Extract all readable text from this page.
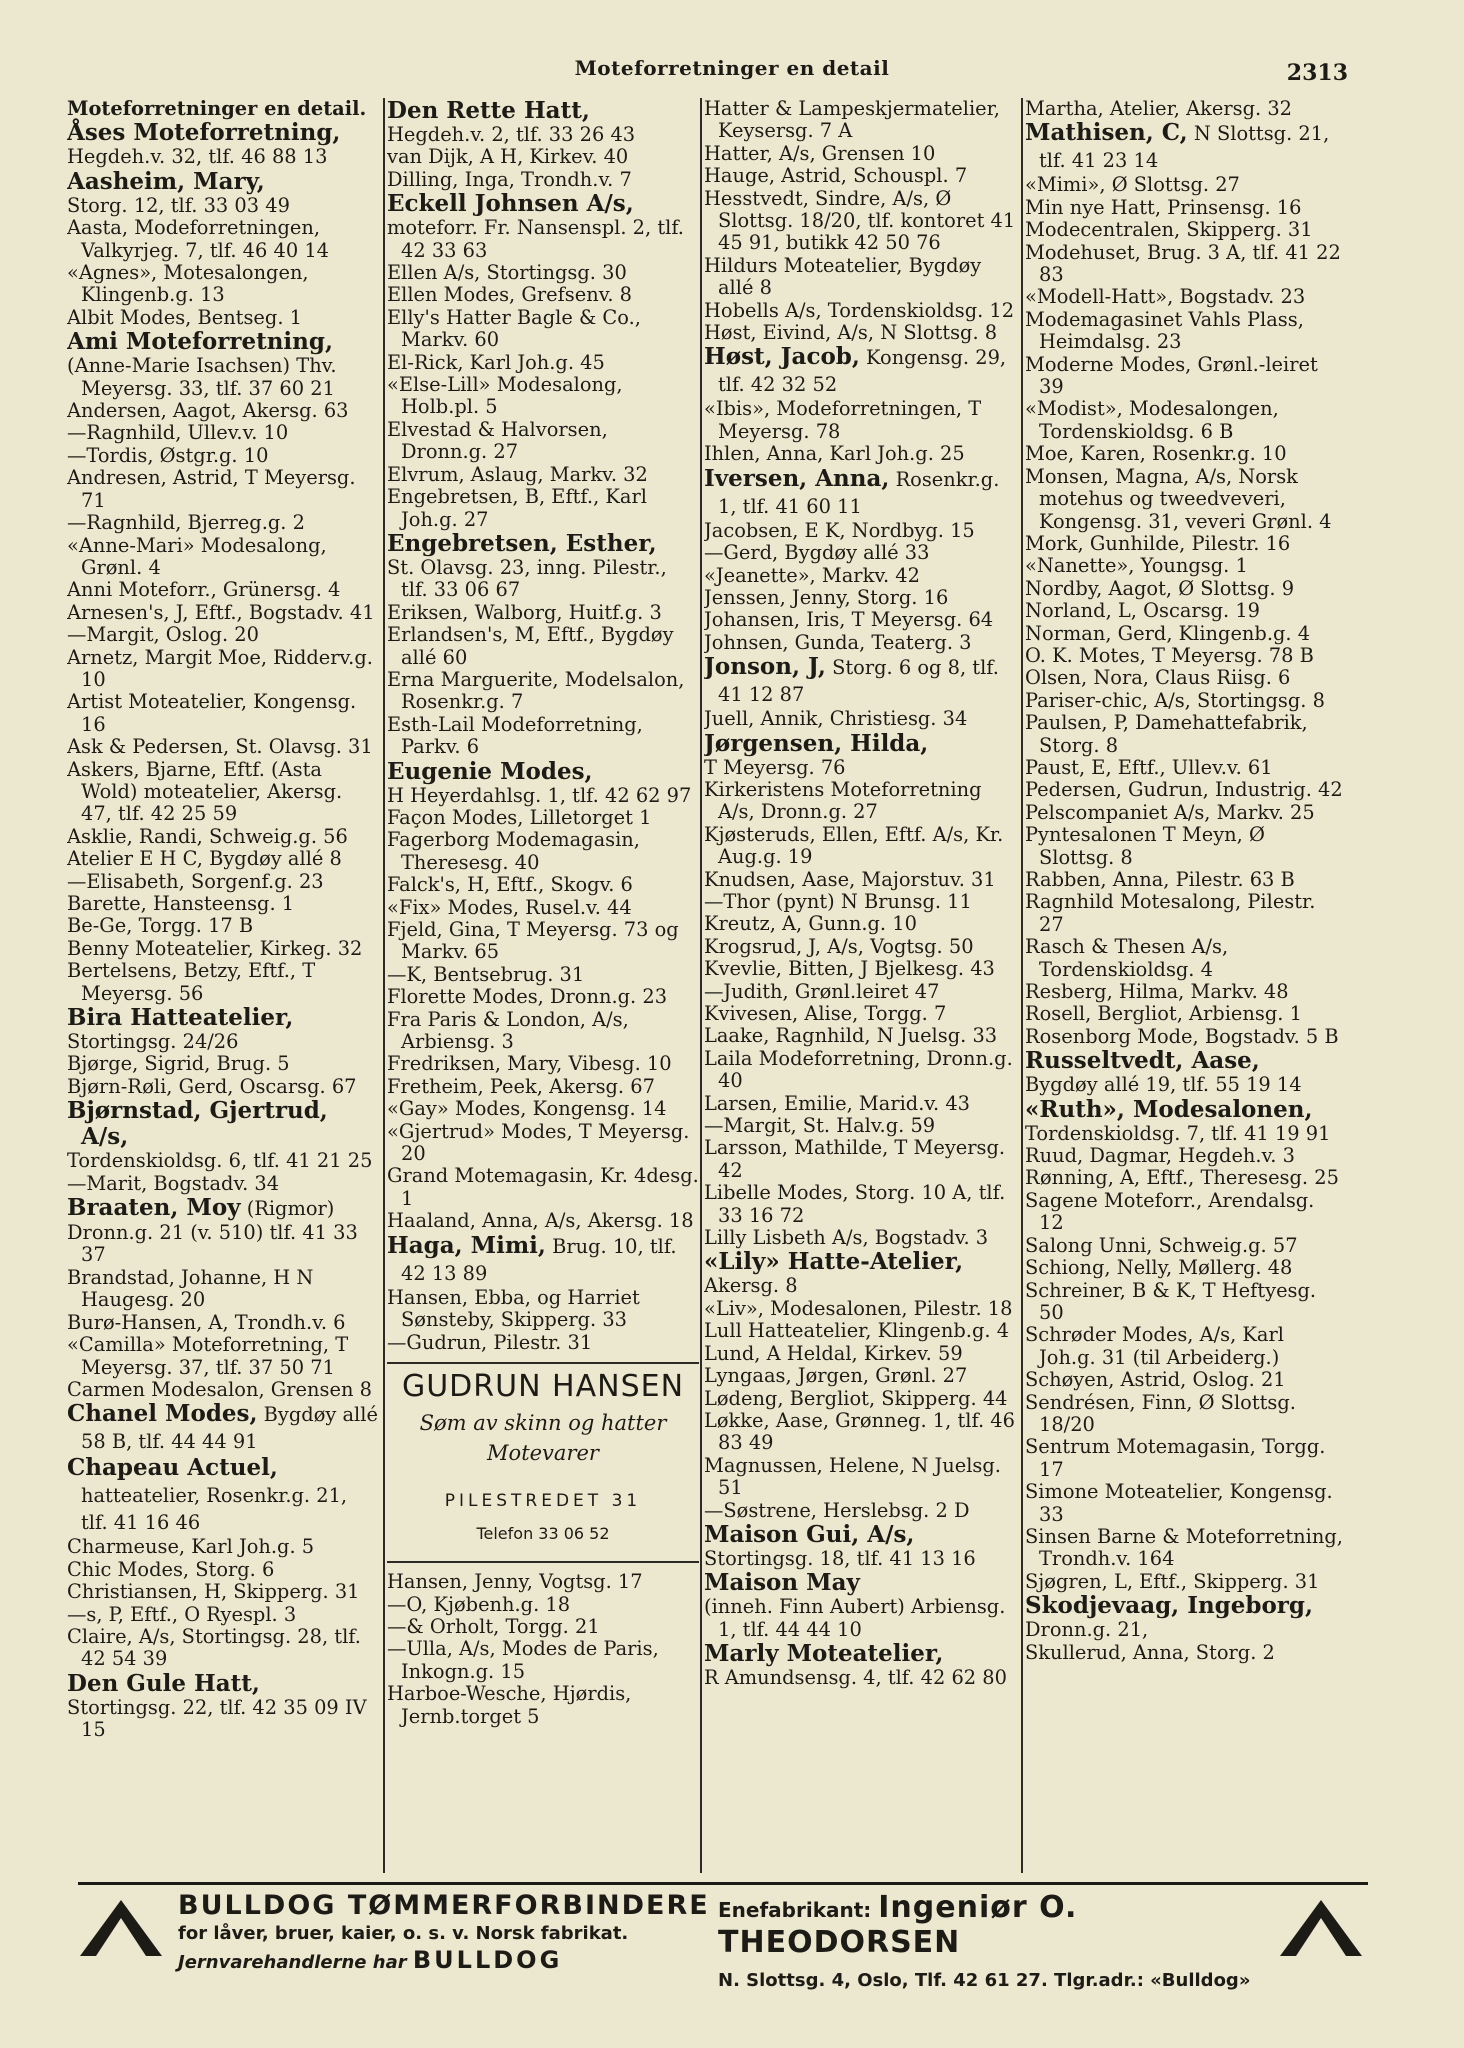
Moteforretninger en detail	2313
Moteforretninger en detail.
Åses Moteforretning,
Hegdeh.v. 32, tlf. 46 88 13
Aasheim, Mary,
Storg. 12, tlf. 33 03 49
Aasta, Modeforretningen, Valkyrjeg. 7, tlf. 46 40 14
«Agnes», Motesalongen, Klingenb.g. 13
Albit Modes, Bentseg. 1
Ami Moteforretning,
(Anne-Marie Isachsen) Thv. Meyersg. 33, tlf. 37 60 21
Andersen, Aagot, Akersg. 63
—Ragnhild, Ullev.v. 10
—Tordis, Østgr.g. 10
Andresen, Astrid, T Meyersg. 71
—Ragnhild, Bjerreg.g. 2
«Anne-Mari» Modesalong, Grønl. 4
Anni Moteforr., Grünersg. 4
Arnesen's, J, Eftf., Bogstadv. 41
—Margit, Oslog. 20
Arnetz, Margit Moe, Ridderv.g. 10
Artist Moteatelier, Kongensg. 16
Ask & Pedersen, St. Olavsg. 31
Askers, Bjarne, Eftf. (Asta Wold) moteatelier, Akersg. 47, tlf. 42 25 59
Asklie, Randi, Schweig.g. 56
Atelier E H C, Bygdøy allé 8
—Elisabeth, Sorgenf.g. 23
Barette, Hansteensg. 1
Be-Ge, Torgg. 17 B
Benny Moteatelier, Kirkeg. 32
Bertelsens, Betzy, Eftf., T Meyersg. 56
Bira Hatteatelier,
Stortingsg. 24/26
Bjørge, Sigrid, Brug. 5
Bjørn-Røli, Gerd, Oscarsg. 67
Bjørnstad, Gjertrud, A/s,
Tordenskioldsg. 6, tlf. 41 21 25
—Marit, Bogstadv. 34
Braaten, Moy (Rigmor)
Dronn.g. 21 (v. 510) tlf. 41 33 37
Brandstad, Johanne, H N Haugesg. 20
Burø-Hansen, A, Trondh.v. 6
«Camilla» Moteforretning, T Meyersg. 37, tlf. 37 50 71
Carmen Modesalon, Grensen 8
Chanel Modes, Bygdøy allé 58 B, tlf. 44 44 91
Chapeau Actuel, hatteatelier, Rosenkr.g. 21, tlf. 41 16 46
Charmeuse, Karl Joh.g. 5
Chic Modes, Storg. 6
Christiansen, H, Skipperg. 31
—s, P, Eftf., O Ryespl. 3
Claire, A/s, Stortingsg. 28, tlf. 42 54 39
Den Gule Hatt,
Stortingsg. 22, tlf. 42 35 09 IV 15
Den Rette Hatt,
Hegdeh.v. 2, tlf. 33 26 43
van Dijk, A H, Kirkev. 40
Dilling, Inga, Trondh.v. 7
Eckell Johnsen A/s,
moteforr. Fr. Nansenspl. 2, tlf. 42 33 63
Ellen A/s, Stortingsg. 30
Ellen Modes, Grefsenv. 8
Elly's Hatter Bagle & Co., Markv. 60
El-Rick, Karl Joh.g. 45
«Else-Lill» Modesalong, Holb.pl. 5
Elvestad & Halvorsen, Dronn.g. 27
Elvrum, Aslaug, Markv. 32
Engebretsen, B, Eftf., Karl Joh.g. 27
Engebretsen, Esther,
St. Olavsg. 23, inng. Pilestr., tlf. 33 06 67
Eriksen, Walborg, Huitf.g. 3
Erlandsen's, M, Eftf., Bygdøy allé 60
Erna Marguerite, Modelsalon, Rosenkr.g. 7
Esth-Lail Modeforretning, Parkv. 6
Eugenie Modes,
H Heyerdahlsg. 1, tlf. 42 62 97
Façon Modes, Lilletorget 1
Fagerborg Modemagasin, Theresesg. 40
Falck's, H, Eftf., Skogv. 6
«Fix» Modes, Rusel.v. 44
Fjeld, Gina, T Meyersg. 73 og Markv. 65
—K, Bentsebrug. 31
Florette Modes, Dronn.g. 23
Fra Paris & London, A/s, Arbiensg. 3
Fredriksen, Mary, Vibesg. 10
Fretheim, Peek, Akersg. 67
«Gay» Modes, Kongensg. 14
«Gjertrud» Modes, T Meyersg. 20
Grand Motemagasin, Kr. 4desg. 1
Haaland, Anna, A/s, Akersg. 18
Haga, Mimi, Brug. 10, tlf. 42 13 89
Hansen, Ebba, og Harriet Sønsteby, Skipperg. 33
—Gudrun, Pilestr. 31
GUDRUN HANSEN
Søm av skinn og hatter
Motevarer
PILESTREDET 31
Telefon 33 06 52
Hansen, Jenny, Vogtsg. 17
—O, Kjøbenh.g. 18
—& Orholt, Torgg. 21
—Ulla, A/s, Modes de Paris, Inkogn.g. 15
Harboe-Wesche, Hjørdis, Jernb.torget 5
Hatter & Lampeskjermatelier, Keysersg. 7 A
Hatter, A/s, Grensen 10
Hauge, Astrid, Schouspl. 7
Hesstvedt, Sindre, A/s, Ø Slottsg. 18/20, tlf. kontoret 41 45 91, butikk 42 50 76
Hildurs Moteatelier, Bygdøy allé 8
Hobells A/s, Tordenskioldsg. 12
Høst, Eivind, A/s, N Slottsg. 8
Høst, Jacob, Kongensg. 29, tlf. 42 32 52
«Ibis», Modeforretningen, T Meyersg. 78
Ihlen, Anna, Karl Joh.g. 25
Iversen, Anna, Rosenkr.g. 1, tlf. 41 60 11
Jacobsen, E K, Nordbyg. 15
—Gerd, Bygdøy allé 33
«Jeanette», Markv. 42
Jenssen, Jenny, Storg. 16
Johansen, Iris, T Meyersg. 64
Johnsen, Gunda, Teaterg. 3
Jonson, J, Storg. 6 og 8, tlf. 41 12 87
Juell, Annik, Christiesg. 34
Jørgensen, Hilda,
T Meyersg. 76
Kirkeristens Moteforretning A/s, Dronn.g. 27
Kjøsteruds, Ellen, Eftf. A/s, Kr. Aug.g. 19
Knudsen, Aase, Majorstuv. 31
—Thor (pynt) N Brunsg. 11
Kreutz, A, Gunn.g. 10
Krogsrud, J, A/s, Vogtsg. 50
Kvevlie, Bitten, J Bjelkesg. 43
—Judith, Grønl.leiret 47
Kvivesen, Alise, Torgg. 7
Laake, Ragnhild, N Juelsg. 33
Laila Modeforretning, Dronn.g. 40
Larsen, Emilie, Marid.v. 43
—Margit, St. Halv.g. 59
Larsson, Mathilde, T Meyersg. 42
Libelle Modes, Storg. 10 A, tlf. 33 16 72
Lilly Lisbeth A/s, Bogstadv. 3
«Lily» Hatte-Atelier,
Akersg. 8
«Liv», Modesalonen, Pilestr. 18
Lull Hatteatelier, Klingenb.g. 4
Lund, A Heldal, Kirkev. 59
Lyngaas, Jørgen, Grønl. 27
Lødeng, Bergliot, Skipperg. 44
Løkke, Aase, Grønneg. 1, tlf. 46 83 49
Magnussen, Helene, N Juelsg. 51
—Søstrene, Herslebsg. 2 D
Maison Gui, A/s,
Stortingsg. 18, tlf. 41 13 16
Maison May
(inneh. Finn Aubert) Arbiensg. 1, tlf. 44 44 10
Marly Moteatelier,
R Amundsensg. 4, tlf. 42 62 80
Martha, Atelier, Akersg. 32
Mathisen, C, N Slottsg. 21, tlf. 41 23 14
«Mimi», Ø Slottsg. 27
Min nye Hatt, Prinsensg. 16
Modecentralen, Skipperg. 31
Modehuset, Brug. 3 A, tlf. 41 22 83
«Modell-Hatt», Bogstadv. 23
Modemagasinet Vahls Plass, Heimdalsg. 23
Moderne Modes, Grønl.-leiret 39
«Modist», Modesalongen, Tordenskioldsg. 6 B
Moe, Karen, Rosenkr.g. 10
Monsen, Magna, A/s, Norsk motehus og tweedveveri, Kongensg. 31, veveri Grønl. 4
Mork, Gunhilde, Pilestr. 16
«Nanette», Youngsg. 1
Nordby, Aagot, Ø Slottsg. 9
Norland, L, Oscarsg. 19
Norman, Gerd, Klingenb.g. 4
O. K. Motes, T Meyersg. 78 B
Olsen, Nora, Claus Riisg. 6
Pariser-chic, A/s, Stortingsg. 8
Paulsen, P, Damehattefabrik, Storg. 8
Paust, E, Eftf., Ullev.v. 61
Pedersen, Gudrun, Industrig. 42
Pelscompaniet A/s, Markv. 25
Pyntesalonen T Meyn, Ø Slottsg. 8
Rabben, Anna, Pilestr. 63 B
Ragnhild Motesalong, Pilestr. 27
Rasch & Thesen A/s, Tordenskioldsg. 4
Resberg, Hilma, Markv. 48
Rosell, Bergliot, Arbiensg. 1
Rosenborg Mode, Bogstadv. 5 B
Russeltvedt, Aase,
Bygdøy allé 19, tlf. 55 19 14
«Ruth», Modesalonen,
Tordenskioldsg. 7, tlf. 41 19 91
Ruud, Dagmar, Hegdeh.v. 3
Rønning, A, Eftf., Theresesg. 25
Sagene Moteforr., Arendalsg. 12
Salong Unni, Schweig.g. 57
Schiong, Nelly, Møllerg. 48
Schreiner, B & K, T Heftyesg. 50
Schrøder Modes, A/s, Karl Joh.g. 31 (til Arbeiderg.)
Schøyen, Astrid, Oslog. 21
Sendrésen, Finn, Ø Slottsg. 18/20
Sentrum Motemagasin, Torgg. 17
Simone Moteatelier, Kongensg. 33
Sinsen Barne & Moteforretning, Trondh.v. 164
Sjøgren, L, Eftf., Skipperg. 31
Skodjevaag, Ingeborg,
Dronn.g. 21,
Skullerud, Anna, Storg. 2
BULLDOG TØMMERFORBINDERE
for låver, bruer, kaier, o. s. v. Norsk fabrikat.
Jernvarehandlerne har BULLDOG
Enefabrikant: Ingeniør O. THEODORSEN
N. Slottsg. 4, Oslo, Tlf. 42 61 27. Tlgr.adr.: «Bulldog»
